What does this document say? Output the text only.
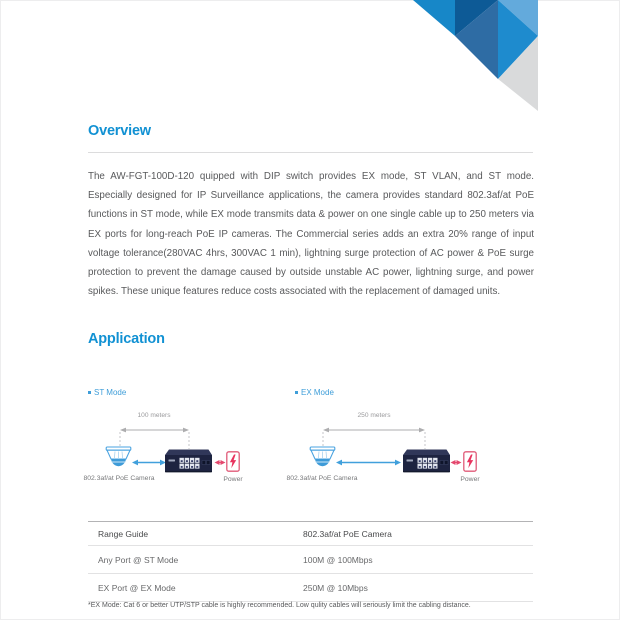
Overview
The AW-FGT-100D-120 quipped with DIP switch provides EX mode, ST VLAN, and ST mode. Especially designed for IP Surveillance applications, the camera provides standard 802.3af/at PoE functions in ST mode, while EX mode transmits data & power on one single cable up to 250 meters via EX ports for long-reach PoE IP cameras. The Commercial series adds an extra 20% range of input voltage tolerance(280VAC 4hrs, 300VAC 1 min), lightning surge protection of AC power & PoE surge protection to prevent the damage caused by outside unstable AC power, lightning surge, and power spikes. These unique features reduce costs associated with the replacement of damaged units.
Application
ST Mode
100 meters
802.3af/at PoE Camera	Power
EX Mode
250 meters
802.3af/at PoE Camera	Power
Range Guide	802.3af/at PoE Camera
Any Port @ ST Mode	100M @ 100Mbps
EX Port @ EX Mode	250M @ 10Mbps
*EX Mode: Cat 6 or better UTP/STP cable is highly recommended. Low qulity cables will seriously limit the cabling distance.
